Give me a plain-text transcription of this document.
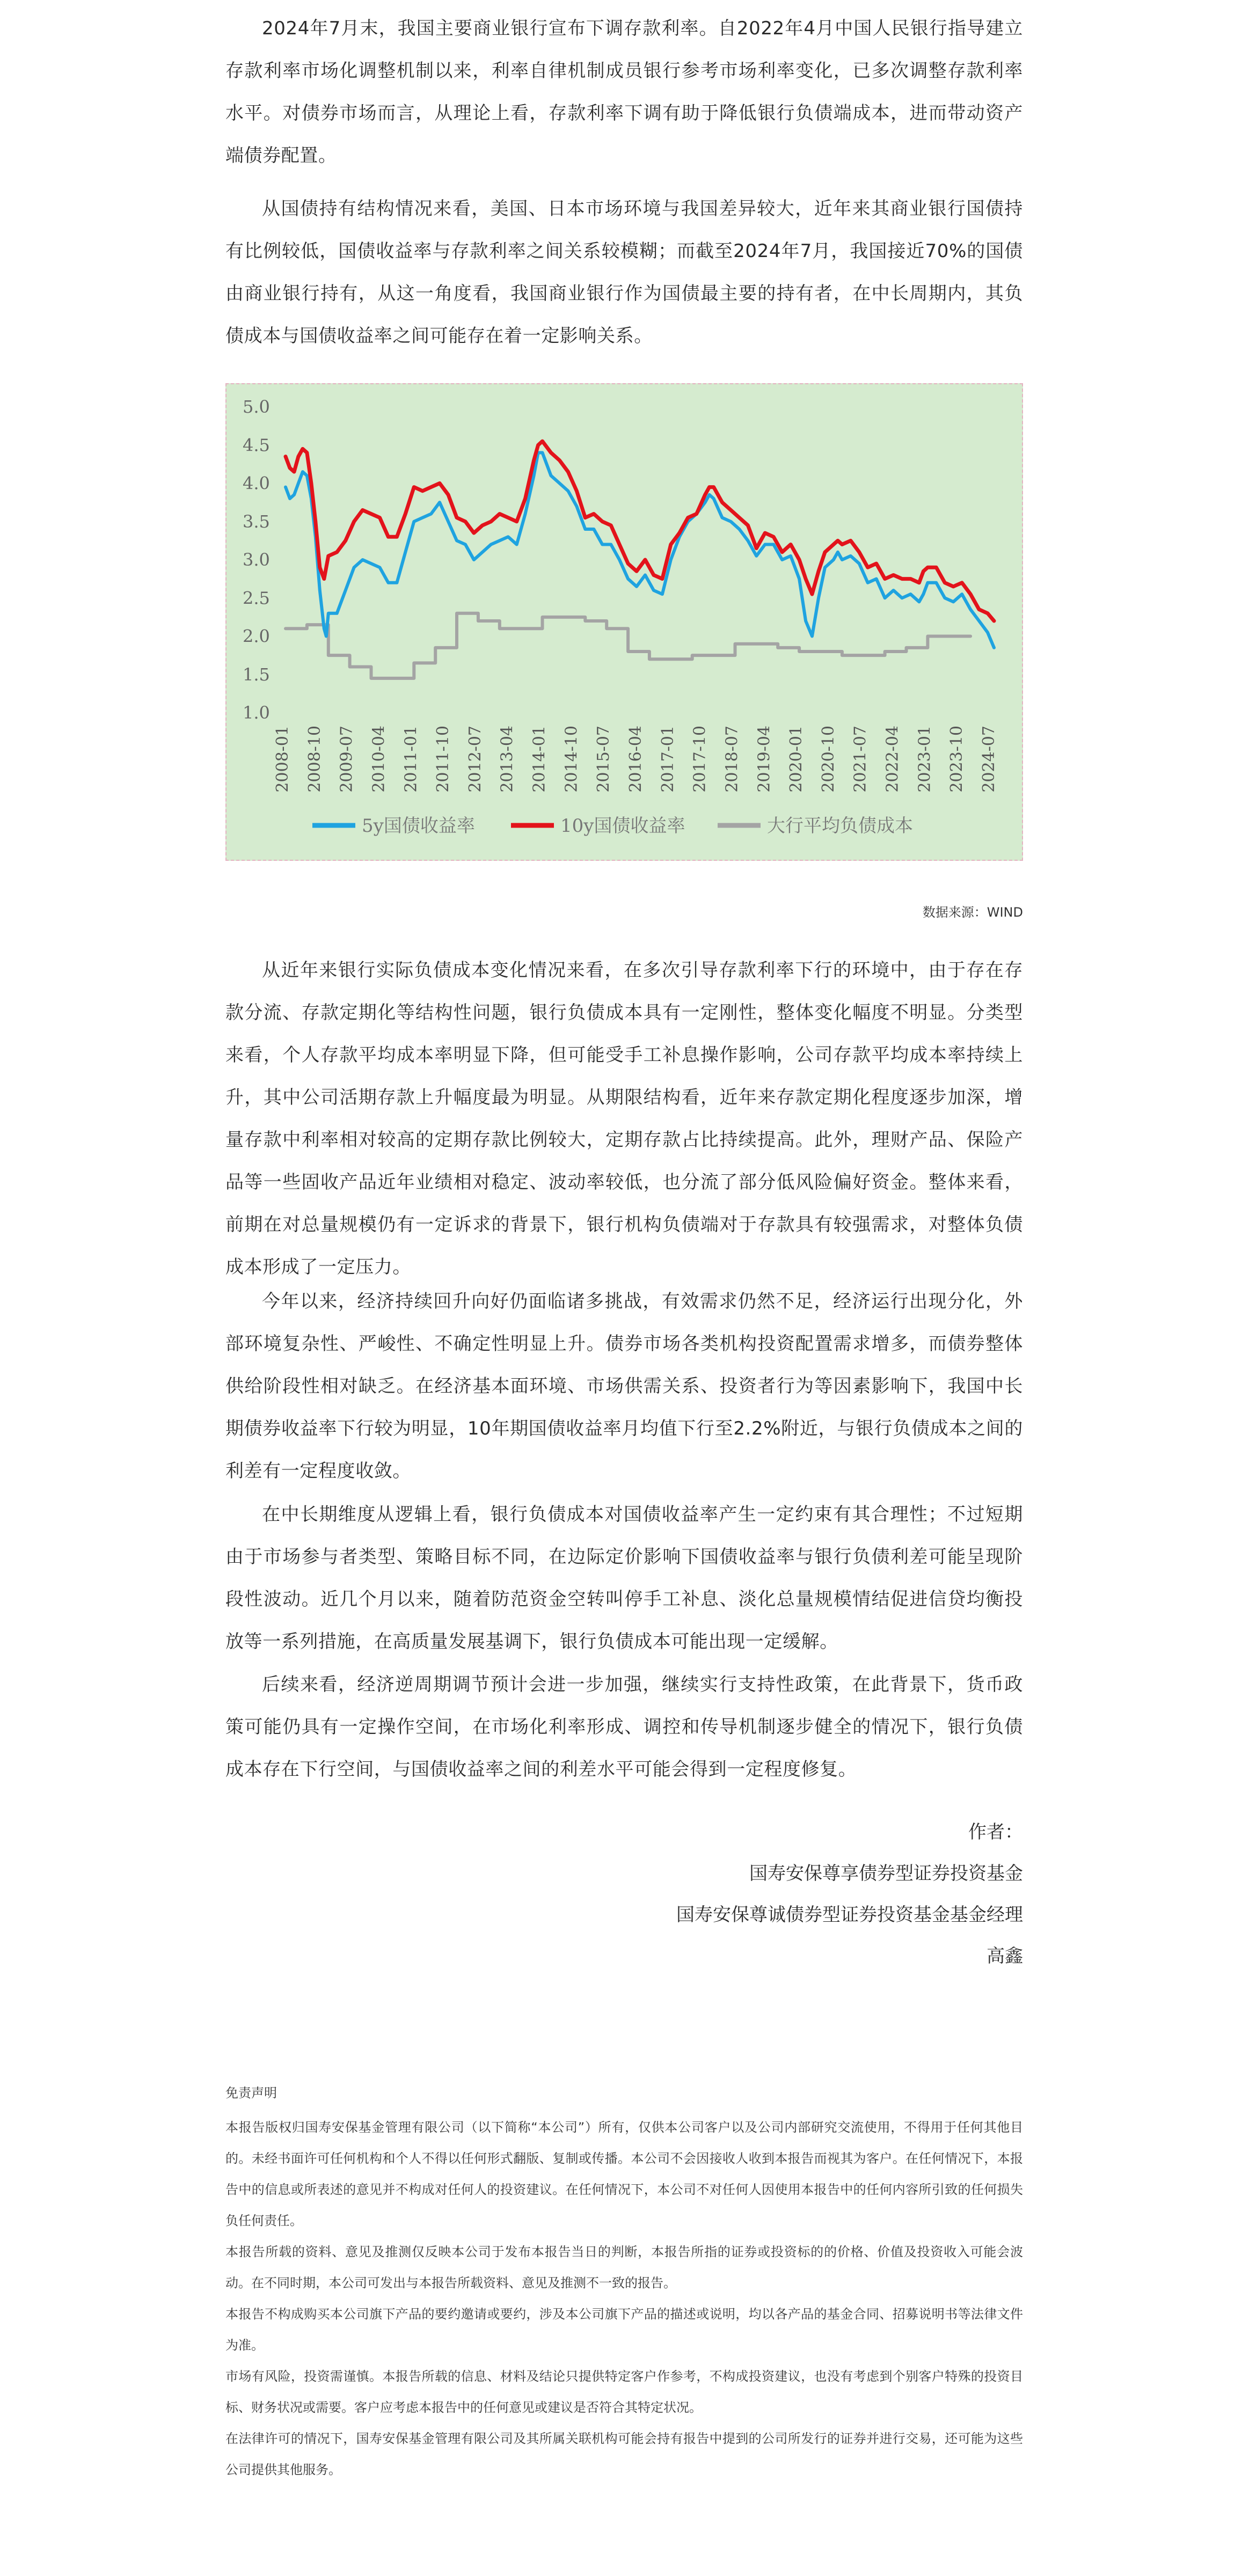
2024年7月末，我国主要商业银行宣布下调存款利率。自2022年4月中国人民银行指导建立存款利率市场化调整机制以来，利率自律机制成员银行参考市场利率变化，已多次调整存款利率水平。对债券市场而言，从理论上看，存款利率下调有助于降低银行负债端成本，进而带动资产端债券配置。

从国债持有结构情况来看，美国、日本市场环境与我国差异较大，近年来其商业银行国债持有比例较低，国债收益率与存款利率之间关系较模糊；而截至2024年7月，我国接近70%的国债由商业银行持有，从这一角度看，我国商业银行作为国债最主要的持有者，在中长周期内，其负债成本与国债收益率之间可能存在着一定影响关系。

5.0
4.5
4.0
3.5
3.0
2.5
2.0
1.5
1.0
2008-01 2008-10 2009-07 2010-04 2011-01 2011-10 2012-07 2013-04 2014-01 2014-10 2015-07 2016-04 2017-01 2017-10 2018-07 2019-04 2020-01 2020-10 2021-07 2022-04 2023-01 2023-10 2024-07
5y国债收益率	10y国债收益率	大行平均负债成本

数据来源：WIND

从近年来银行实际负债成本变化情况来看，在多次引导存款利率下行的环境中，由于存在存款分流、存款定期化等结构性问题，银行负债成本具有一定刚性，整体变化幅度不明显。分类型来看，个人存款平均成本率明显下降，但可能受手工补息操作影响，公司存款平均成本率持续上升，其中公司活期存款上升幅度最为明显。从期限结构看，近年来存款定期化程度逐步加深，增量存款中利率相对较高的定期存款比例较大，定期存款占比持续提高。此外，理财产品、保险产品等一些固收产品近年业绩相对稳定、波动率较低，也分流了部分低风险偏好资金。整体来看，前期在对总量规模仍有一定诉求的背景下，银行机构负债端对于存款具有较强需求，对整体负债成本形成了一定压力。

今年以来，经济持续回升向好仍面临诸多挑战，有效需求仍然不足，经济运行出现分化，外部环境复杂性、严峻性、不确定性明显上升。债券市场各类机构投资配置需求增多，而债券整体供给阶段性相对缺乏。在经济基本面环境、市场供需关系、投资者行为等因素影响下，我国中长期债券收益率下行较为明显，10年期国债收益率月均值下行至2.2%附近，与银行负债成本之间的利差有一定程度收敛。

在中长期维度从逻辑上看，银行负债成本对国债收益率产生一定约束有其合理性；不过短期由于市场参与者类型、策略目标不同，在边际定价影响下国债收益率与银行负债利差可能呈现阶段性波动。近几个月以来，随着防范资金空转叫停手工补息、淡化总量规模情结促进信贷均衡投放等一系列措施，在高质量发展基调下，银行负债成本可能出现一定缓解。

后续来看，经济逆周期调节预计会进一步加强，继续实行支持性政策，在此背景下，货币政策可能仍具有一定操作空间，在市场化利率形成、调控和传导机制逐步健全的情况下，银行负债成本存在下行空间，与国债收益率之间的利差水平可能会得到一定程度修复。

作者：

国寿安保尊享债券型证券投资基金

国寿安保尊诚债券型证券投资基金基金经理

高鑫

免责声明

本报告版权归国寿安保基金管理有限公司（以下简称“本公司”）所有，仅供本公司客户以及公司内部研究交流使用，不得用于任何其他目的。未经书面许可任何机构和个人不得以任何形式翻版、复制或传播。本公司不会因接收人收到本报告而视其为客户。在任何情况下，本报告中的信息或所表述的意见并不构成对任何人的投资建议。在任何情况下，本公司不对任何人因使用本报告中的任何内容所引致的任何损失负任何责任。

本报告所载的资料、意见及推测仅反映本公司于发布本报告当日的判断，本报告所指的证券或投资标的的价格、价值及投资收入可能会波动。在不同时期，本公司可发出与本报告所载资料、意见及推测不一致的报告。

本报告不构成购买本公司旗下产品的要约邀请或要约，涉及本公司旗下产品的描述或说明，均以各产品的基金合同、招募说明书等法律文件为准。

市场有风险，投资需谨慎。本报告所载的信息、材料及结论只提供特定客户作参考，不构成投资建议，也没有考虑到个别客户特殊的投资目标、财务状况或需要。客户应考虑本报告中的任何意见或建议是否符合其特定状况。

在法律许可的情况下，国寿安保基金管理有限公司及其所属关联机构可能会持有报告中提到的公司所发行的证券并进行交易，还可能为这些公司提供其他服务。
